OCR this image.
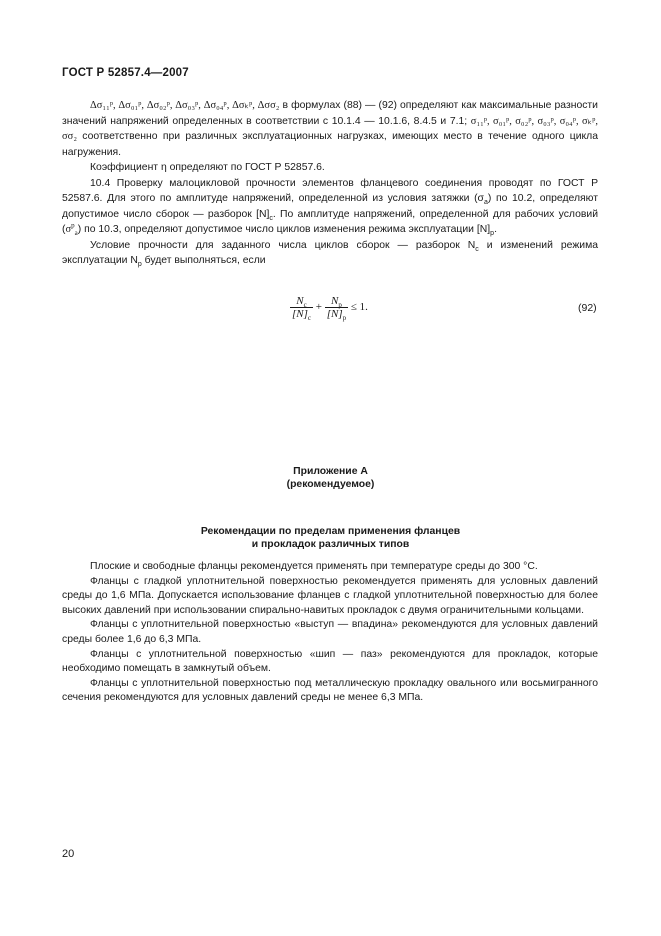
ГОСТ Р 52857.4—2007

Δσ₁₁ᵖ, Δσ₀₁ᵖ, Δσ₀₂ᵖ, Δσ₀₃ᵖ, Δσ₀₄ᵖ, Δσₖᵖ, Δσσ₂ в формулах (88) — (92) определяют как максимальные разности значений напряжений определенных в соответствии с 10.1.4 — 10.1.6, 8.4.5 и 7.1; σ₁₁ᵖ, σ₀₁ᵖ, σ₀₂ᵖ, σ₀₃ᵖ, σ₀₄ᵖ, σₖᵖ, σσ₂ соответственно при различных эксплуатационных нагрузках, имеющих место в течение одного цикла нагружения.

Коэффициент η определяют по ГОСТ Р 52857.6.

10.4 Проверку малоцикловой прочности элементов фланцевого соединения проводят по ГОСТ Р 52587.6. Для этого по амплитуде напряжений, определенной из условия затяжки $(\sigma_а)$ по 10.2, определяют допустимое число сборок — разборок $[N]_с$. По амплитуде напряжений, определенной для рабочих условий $(\sigma^р_а)$ по 10.3, определяют допустимое число циклов изменения режима эксплуатации $[N]_р$.

Условие прочности для заданного числа циклов сборок — разборок $N_с$ и изменений режима эксплуатации $N_р$ будет выполняться, если

$\frac{N_с}{[N]_с} + \frac{N_р}{[N]_р} \le 1$.	(92)
Приложение А
(рекомендуемое)
Рекомендации по пределам применения фланцев
и прокладок различных типов

Плоские и свободные фланцы рекомендуется применять при температуре среды до 300 °С.

Фланцы с гладкой уплотнительной поверхностью рекомендуется применять для условных давлений среды до 1,6 МПа. Допускается использование фланцев с гладкой уплотнительной поверхностью для более высоких давлений при использовании спирально-навитых прокладок с двумя ограничительными кольцами.

Фланцы с уплотнительной поверхностью «выступ — впадина» рекомендуются для условных давлений среды более 1,6 до 6,3 МПа.

Фланцы с уплотнительной поверхностью «шип — паз» рекомендуются для прокладок, которые необходимо помещать в замкнутый объем.

Фланцы с уплотнительной поверхностью под металлическую прокладку овального или восьмигранного сечения рекомендуются для условных давлений среды не менее 6,3 МПа.

20
